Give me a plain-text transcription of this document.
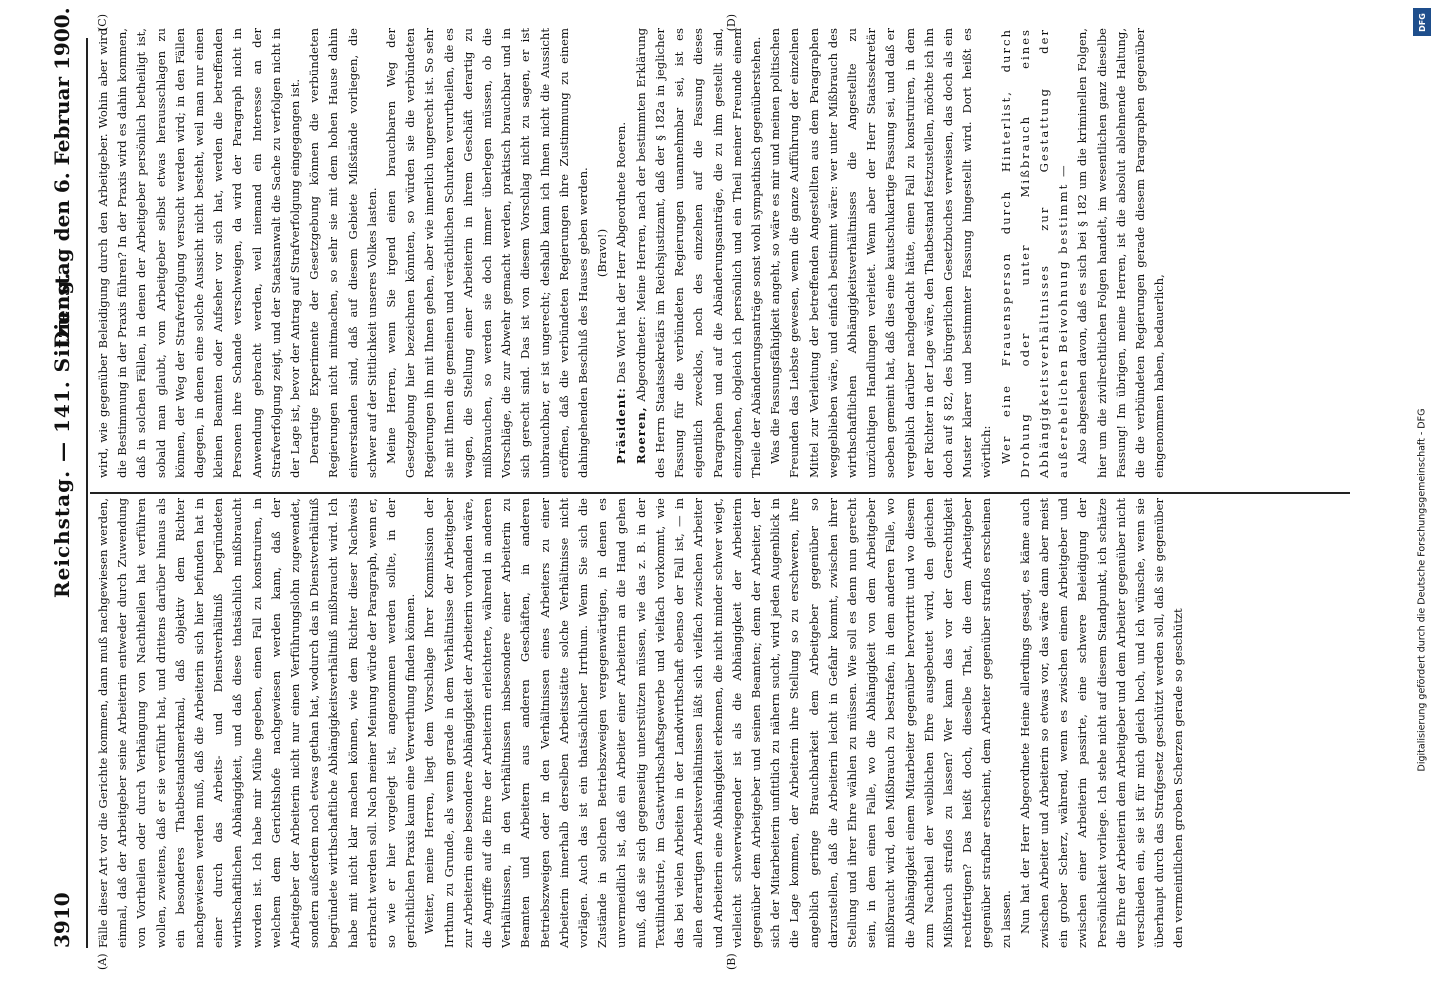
3910
Reichstag. — 141. Sitzung.
Dienstag den 6. Februar 1900.
(A)	(B)

Fälle dieser Art vor die Gerichte kommen, dann muß nachgewiesen werden, einmal, daß der Arbeitgeber seine Arbeiterin entweder durch Zuwendung von Vortheilen oder durch Verhängung von Nachtheilen hat verführen wollen, zweitens, daß er sie verführt hat, und drittens darüber hinaus als ein besonderes Thatbestandsmerkmal, daß objektiv dem Richter nachgewiesen werden muß, daß die Arbeiterin sich hier befunden hat in einer durch das Arbeits- und Dienstverhältniß begründeten wirthschaftlichen Abhängigkeit, und daß diese thatsächlich mißbraucht worden ist. Ich habe mir Mühe gegeben, einen Fall zu konstruiren, in welchem dem Gerichtshofe nachgewiesen werden kann, daß der Arbeitgeber der Arbeiterin nicht nur einen Verführungslohn zugewendet, sondern außerdem noch etwas gethan hat, wodurch das in Dienstverhältniß begründete wirthschaftliche Abhängigkeitsverhältniß mißbraucht wird. Ich habe mit nicht klar machen können, wie dem Richter dieser Nachweis erbracht werden soll. Nach meiner Meinung würde der Paragraph, wenn er, so wie er hier vorgelegt ist, angenommen werden sollte, in der gerichtlichen Praxis kaum eine Verwerthung finden können. Weiter, meine Herren, liegt dem Vorschlage Ihrer Kommission der Irrthum zu Grunde, als wenn gerade in dem Verhältnisse der Arbeitgeber zur Arbeiterin eine besondere Abhängigkeit der Arbeiterin vorhanden wäre, die Angriffe auf die Ehre der Arbeiterin erleichterte, während in anderen Verhältnissen, in den Verhältnissen insbesondere einer Arbeiterin zu Beamten und Arbeitern aus anderen Geschäften, in anderen Betriebszweigen oder in den Verhältnissen eines Arbeiters zu einer Arbeiterin innerhalb derselben Arbeitsstätte solche Verhältnisse nicht vorlägen. Auch das ist ein thatsächlicher Irrthum. Wenn Sie sich die Zustände in solchen Betriebszweigen vergegenwärtigen, in denen es unvermeidlich ist, daß ein Arbeiter einer Arbeiterin an die Hand gehen muß, daß sie sich gegenseitig unterstützen müssen, wie das z. B. in der Textilindustrie, im Gastwirthschaftsgewerbe und vielfach vorkommt, wie das bei vielen Arbeiten in der Landwirthschaft ebenso der Fall ist, — in allen derartigen Arbeitsverhältnissen läßt sich vielfach zwischen Arbeiter und Arbeiterin eine Abhängigkeit erkennen, die nicht minder schwer wiegt, vielleicht schwerwiegender ist als die Abhängigkeit der Arbeiterin gegenüber dem Arbeitgeber und seinen Beamten; denn der Arbeiter, der sich der Mitarbeiterin unfittlich zu nähern sucht, wird jeden Augenblick in die Lage kommen, der Arbeiterin ihre Stellung so zu erschweren, ihre angeblich geringe Brauchbarkeit dem Arbeitgeber gegenüber so darzustellen, daß die Arbeiterin leicht in Gefahr kommt, zwischen ihrer Stellung und ihrer Ehre wählen zu müssen. Wie soll es denn nun gerecht sein, in dem einen Falle, wo die Abhängigkeit von dem Arbeitgeber mißbraucht wird, den Mißbrauch zu bestrafen, in dem anderen Falle, wo die Abhängigkeit einem Mitarbeiter gegenüber hervortritt und wo diesem zum Nachtheil der weiblichen Ehre ausgebeutet wird, den gleichen Mißbrauch straflos zu lassen? Wer kann das vor der Gerechtigkeit rechtfertigen? Das heißt doch, dieselbe That, die dem Arbeitgeber gegenüber strafbar erscheint, dem Arbeiter gegenüber straflos erscheinen zu lassen. Nun hat der Herr Abgeordnete Heine allerdings gesagt, es käme auch zwischen Arbeiter und Arbeiterin so etwas vor, das wäre dann aber meist ein grober Scherz, während, wenn es zwischen einem Arbeitgeber und zwischen einer Arbeiterin passirte, eine schwere Beleidigung der Persönlichkeit vorliege. Ich stehe nicht auf diesem Standpunkt, ich schätze die Ehre der Arbeiterin dem Arbeitgeber und dem Arbeiter gegenüber nicht verschieden ein, sie ist für mich gleich hoch, und ich wünsche, wenn sie überhaupt durch das Strafgesetz geschützt werden soll, daß sie gegenüber den vermeintlichen groben Scherzen gerade so geschützt

wird, wie gegenüber Beleidigung durch den Arbeitgeber. Wohin aber wird die Bestimmung in der Praxis führen? In der Praxis wird es dahin kommen, daß in solchen Fällen, in denen der Arbeitgeber persönlich betheiligt ist, sobald man glaubt, vom Arbeitgeber selbst etwas herausschlagen zu können, der Weg der Strafverfolgung versucht werden wird; in den Fällen dagegen, in denen eine solche Aussicht nicht besteht, weil man nur einen kleinen Beamten oder Aufseher vor sich hat, werden die betreffenden Personen ihre Schande verschweigen, da wird der Paragraph nicht in Anwendung gebracht werden, weil niemand ein Interesse an der Strafverfolgung zeigt, und der Staatsanwalt die Sache zu verfolgen nicht in der Lage ist, bevor der Antrag auf Strafverfolgung eingegangen ist. Derartige Experimente der Gesetzgebung können die verbündeten Regierungen nicht mitmachen, so sehr sie mit dem hohen Hause dahin einverstanden sind, daß auf diesem Gebiete Mißstände vorliegen, die schwer auf der Sittlichkeit unseres Volkes lasten. Meine Herren, wenn Sie irgend einen brauchbaren Weg der Gesetzgebung hier bezeichnen könnten, so würden sie die verbündeten Regierungen ihn mit Ihnen gehen, aber wie innerlich ungerecht ist. So sehr sie mit Ihnen die gemeinen und verächtlichen Schurken verurtheilen, die es wagen, die Stellung einer Arbeiterin in ihrem Geschäft derartig zu mißbrauchen, so werden sie doch immer überlegen müssen, ob die Vorschläge, die zur Abwehr gemacht werden, praktisch brauchbar und in sich gerecht sind. Das ist von diesem Vorschlag nicht zu sagen, er ist unbrauchbar, er ist ungerecht; deshalb kann ich Ihnen nicht die Aussicht eröffnen, daß die verbündeten Regierungen ihre Zustimmung zu einem dahingehenden Beschluß des Hauses geben werden. (Bravo!)

Präsident: Das Wort hat der Herr Abgeordnete Roeren.

Roeren, Abgeordneter: Meine Herren, nach der bestimmten Erklärung des Herrn Staatssekretärs im Reichsjustizamt, daß der § 182a in jeglicher Fassung für die verbündeten Regierungen unannehmbar sei, ist es eigentlich zwecklos, noch des einzelnen auf die Fassung dieses Paragraphen und auf die Abänderungsanträge, die zu ihm gestellt sind, einzugehen, obgleich ich persönlich und ein Theil meiner Freunde einem Theile der Abänderungsanträge sonst wohl sympathisch gegenüberstehen. Was die Fassungsfähigkeit angeht, so wäre es mir und meinen politischen Freunden das Liebste gewesen, wenn die ganze Aufführung der einzelnen Mittel zur Verleitung der betreffenden Angestellten aus dem Paragraphen weggeblieben wäre, und einfach bestimmt wäre: wer unter Mißbrauch des wirthschaftlichen Abhängigkeitsverhältnisses die Angestellte zu unzüchtigen Handlungen verleitet. Wenn aber der Herr Staatssekretär soeben gemeint hat, daß dies eine kautschukartige Fassung sei, und daß er vergeblich darüber nachgedacht hätte, einen Fall zu konstruiren, in dem der Richter in der Lage wäre, den Thatbestand festzustellen, möchte ich ihn doch auf § 82, des bürgerlichen Gesetzbuches verweisen, das doch als ein Muster klarer und bestimmter Fassung hingestellt wird. Dort heißt es wörtlich: Wer eine Frauensperson durch Hinterlist, durch Drohung oder unter Mißbrauch eines Abhängigkeitsverhältnisses zur Gestattung der außerehelichen Beiwohnung bestimmt — Also abgesehen davon, daß es sich bei § 182 um die kriminellen Folgen, hier um die zivilrechtlichen Folgen handelt, im wesentlichen ganz dieselbe Fassung! Im übrigen, meine Herren, ist die absolut ablehnende Haltung, die die verbündeten Regierungen gerade diesem Paragraphen gegenüber eingenommen haben, bedauerlich,

(C)	(D)	DFG
Digitalisierung gefördert durch die Deutsche Forschungsgemeinschaft - DFG
